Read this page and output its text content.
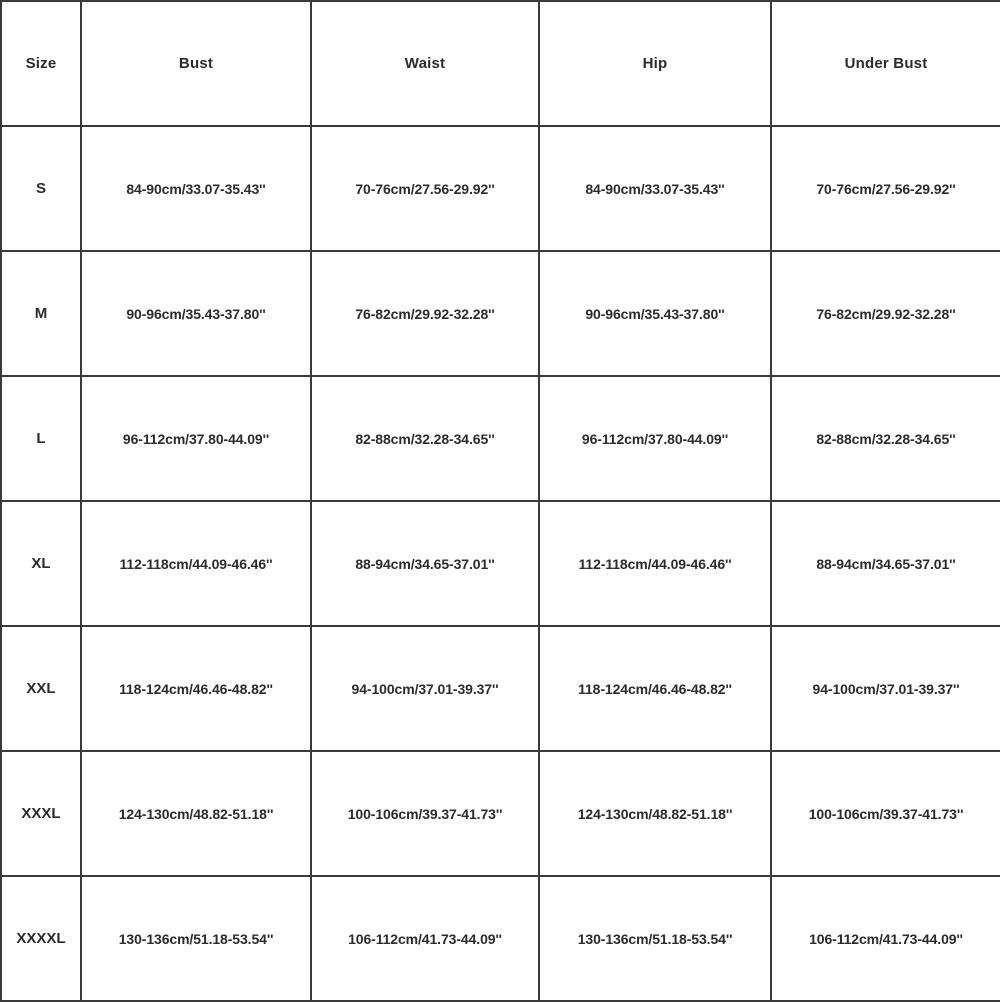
Size	Bust	Waist	Hip	Under Bust
S	84-90cm/33.07-35.43''	70-76cm/27.56-29.92''	84-90cm/33.07-35.43''	70-76cm/27.56-29.92''
M	90-96cm/35.43-37.80''	76-82cm/29.92-32.28''	90-96cm/35.43-37.80''	76-82cm/29.92-32.28''
L	96-112cm/37.80-44.09''	82-88cm/32.28-34.65''	96-112cm/37.80-44.09''	82-88cm/32.28-34.65''
XL	112-118cm/44.09-46.46''	88-94cm/34.65-37.01''	112-118cm/44.09-46.46''	88-94cm/34.65-37.01''
XXL	118-124cm/46.46-48.82''	94-100cm/37.01-39.37''	118-124cm/46.46-48.82''	94-100cm/37.01-39.37''
XXXL	124-130cm/48.82-51.18''	100-106cm/39.37-41.73''	124-130cm/48.82-51.18''	100-106cm/39.37-41.73''
XXXXL	130-136cm/51.18-53.54''	106-112cm/41.73-44.09''	130-136cm/51.18-53.54''	106-112cm/41.73-44.09''
